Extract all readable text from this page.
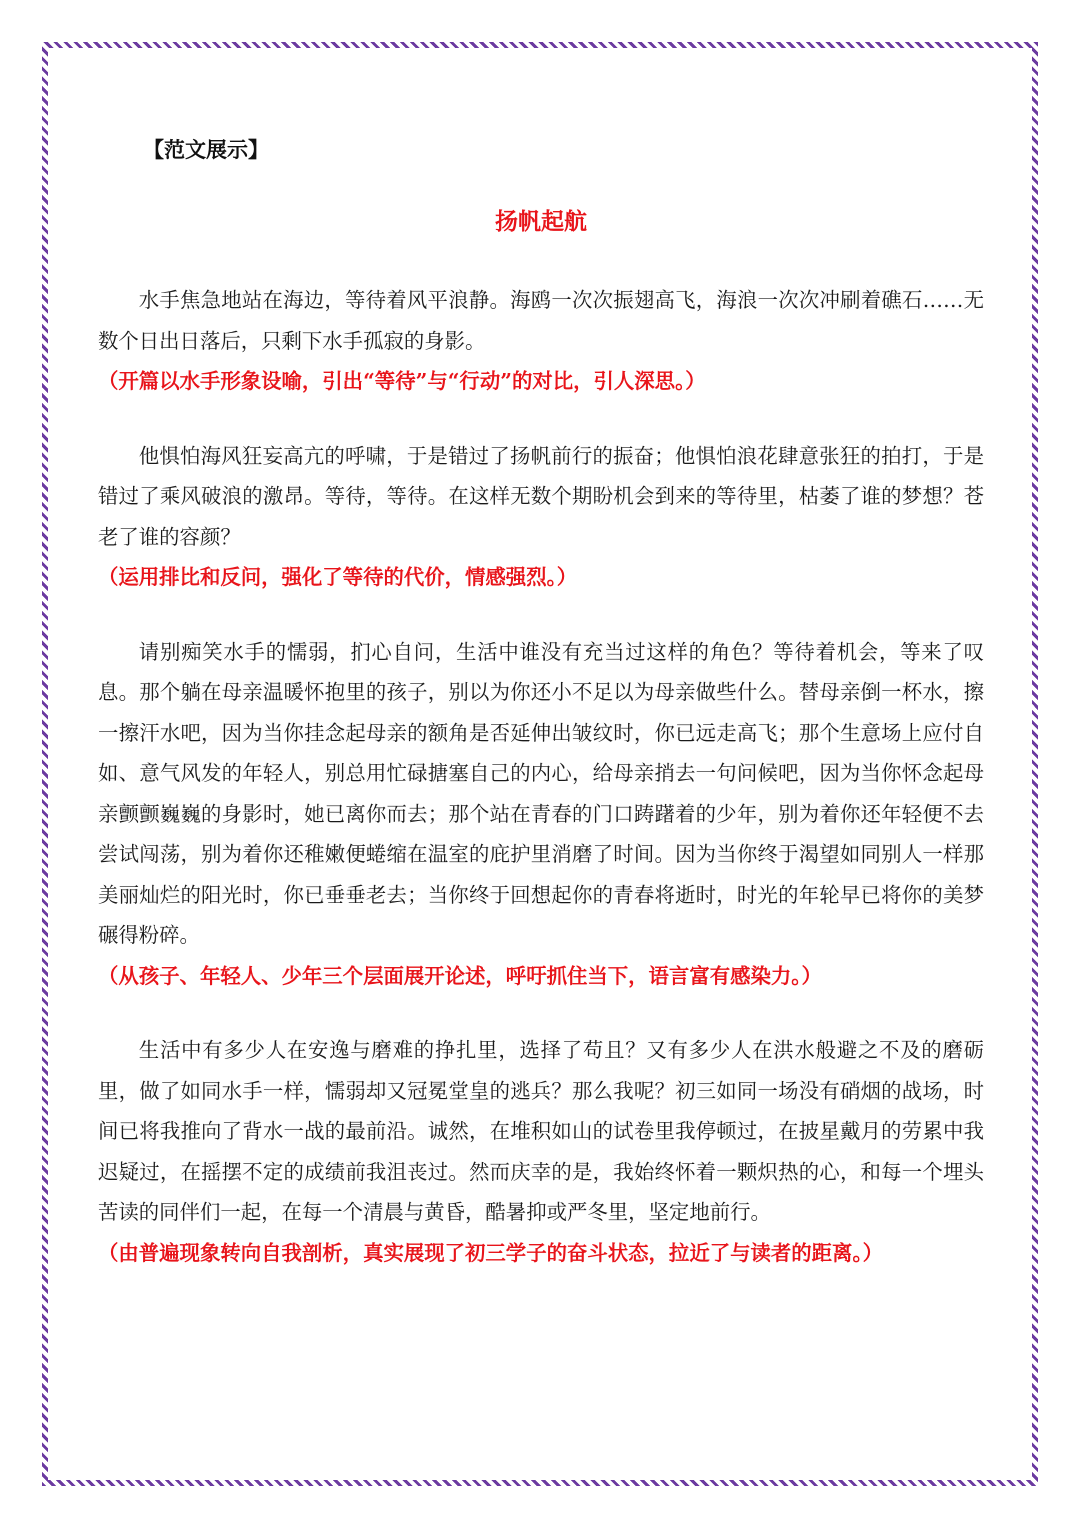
【范文展示】
扬帆起航
水手焦急地站在海边，等待着风平浪静。海鸥一次次振翅高飞，海浪一次次冲刷着礁石……无数个日出日落后，只剩下水手孤寂的身影。
（开篇以水手形象设喻，引出“等待”与“行动”的对比，引人深思。）
他惧怕海风狂妄高亢的呼啸，于是错过了扬帆前行的振奋；他惧怕浪花肆意张狂的拍打，于是错过了乘风破浪的激昂。等待，等待。在这样无数个期盼机会到来的等待里，枯萎了谁的梦想？苍老了谁的容颜？
（运用排比和反问，强化了等待的代价，情感强烈。）
请别痴笑水手的懦弱，扪心自问，生活中谁没有充当过这样的角色？等待着机会，等来了叹息。那个躺在母亲温暖怀抱里的孩子，别以为你还小不足以为母亲做些什么。替母亲倒一杯水，擦一擦汗水吧，因为当你挂念起母亲的额角是否延伸出皱纹时，你已远走高飞；那个生意场上应付自如、意气风发的年轻人，别总用忙碌搪塞自己的内心，给母亲捎去一句问候吧，因为当你怀念起母亲颤颤巍巍的身影时，她已离你而去；那个站在青春的门口踌躇着的少年，别为着你还年轻便不去尝试闯荡，别为着你还稚嫩便蜷缩在温室的庇护里消磨了时间。因为当你终于渴望如同别人一样那美丽灿烂的阳光时，你已垂垂老去；当你终于回想起你的青春将逝时，时光的年轮早已将你的美梦碾得粉碎。
（从孩子、年轻人、少年三个层面展开论述，呼吁抓住当下，语言富有感染力。）
生活中有多少人在安逸与磨难的挣扎里，选择了苟且？又有多少人在洪水般避之不及的磨砺里，做了如同水手一样，懦弱却又冠冕堂皇的逃兵？那么我呢？初三如同一场没有硝烟的战场，时间已将我推向了背水一战的最前沿。诚然，在堆积如山的试卷里我停顿过，在披星戴月的劳累中我迟疑过，在摇摆不定的成绩前我沮丧过。然而庆幸的是，我始终怀着一颗炽热的心，和每一个埋头苦读的同伴们一起，在每一个清晨与黄昏，酷暑抑或严冬里，坚定地前行。
（由普遍现象转向自我剖析，真实展现了初三学子的奋斗状态，拉近了与读者的距离。）
